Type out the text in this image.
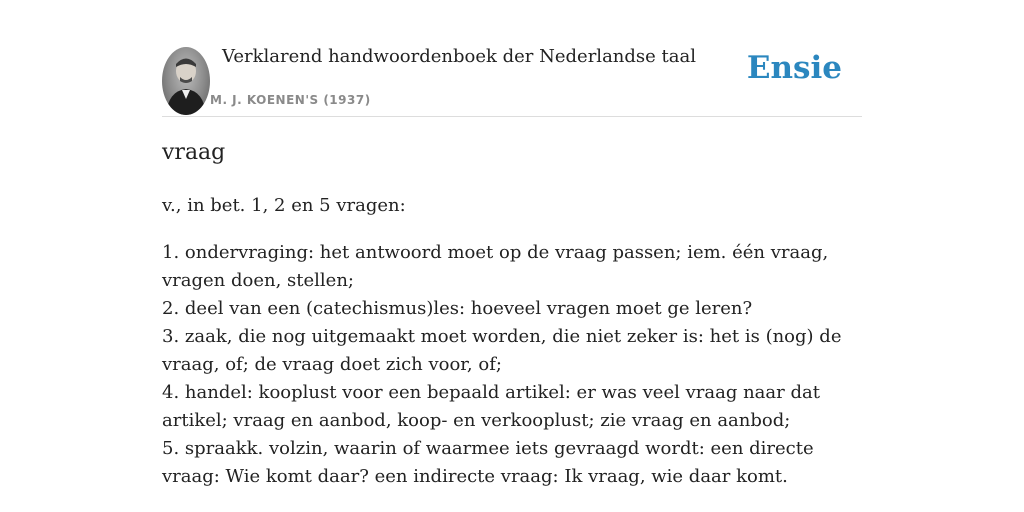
Verklarend handwoordenboek der Nederlandse taal
M. J. KOENEN'S (1937)
Ensie
vraag

v., in bet. 1, 2 en 5 vragen:

1. ondervraging: het antwoord moet op de vraag passen; iem. één vraag, vragen doen, stellen;

2. deel van een (catechismus)les: hoeveel vragen moet ge leren?

3. zaak, die nog uitgemaakt moet worden, die niet zeker is: het is (nog) de vraag, of; de vraag doet zich voor, of;

4. handel: kooplust voor een bepaald artikel: er was veel vraag naar dat artikel; vraag en aanbod, koop- en verkooplust; zie vraag en aanbod;

5. spraakk. volzin, waarin of waarmee iets gevraagd wordt: een directe vraag: Wie komt daar? een indirecte vraag: Ik vraag, wie daar komt.
